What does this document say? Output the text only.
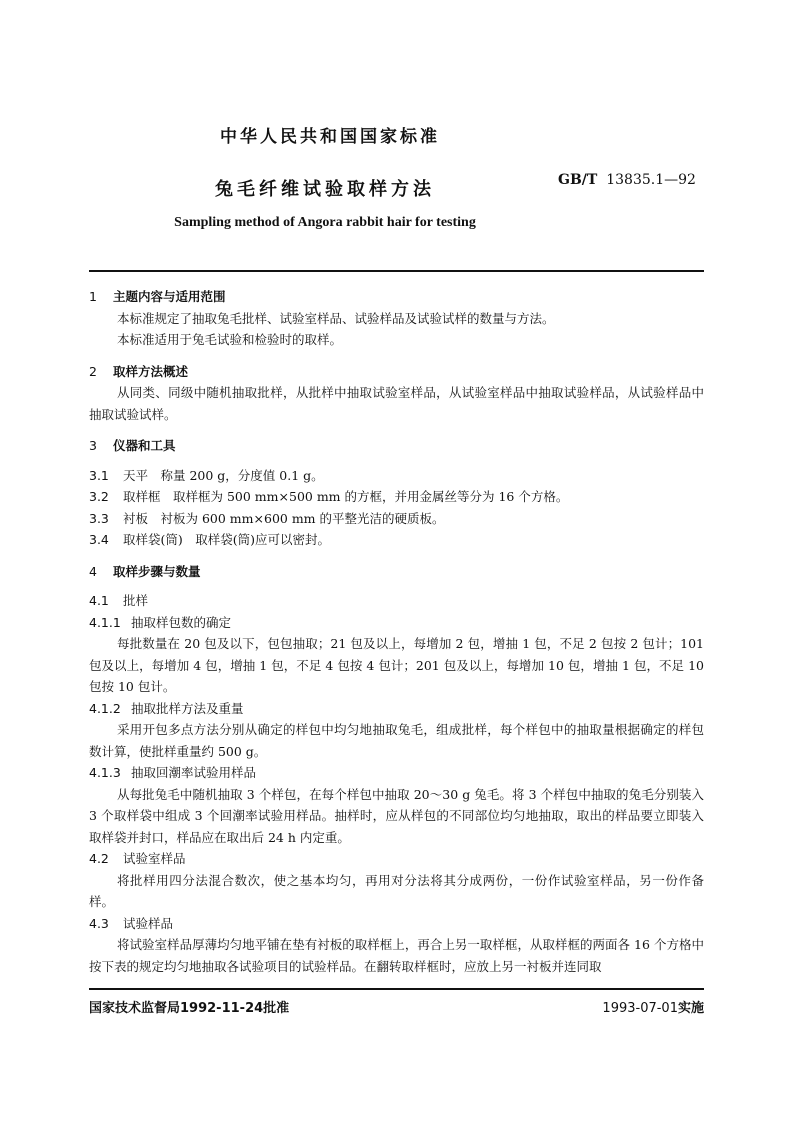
中华人民共和国国家标准
兔毛纤维试验取样方法	GB/T 13835.1—92
Sampling method of Angora rabbit hair for testing
1 主题内容与适用范围
本标准规定了抽取兔毛批样、试验室样品、试验样品及试验试样的数量与方法。
本标准适用于兔毛试验和检验时的取样。
2 取样方法概述
从同类、同级中随机抽取批样，从批样中抽取试验室样品，从试验室样品中抽取试验样品，从试验样品中抽取试验试样。
3 仪器和工具
3.1 天平　称量 200 g，分度值 0.1 g。
3.2 取样框　取样框为 500 mm×500 mm 的方框，并用金属丝等分为 16 个方格。
3.3 衬板　衬板为 600 mm×600 mm 的平整光洁的硬质板。
3.4 取样袋(筒)　取样袋(筒)应可以密封。
4 取样步骤与数量
4.1 批样
4.1.1 抽取样包数的确定
每批数量在 20 包及以下，包包抽取；21 包及以上，每增加 2 包，增抽 1 包，不足 2 包按 2 包计；101 包及以上，每增加 4 包，增抽 1 包，不足 4 包按 4 包计；201 包及以上，每增加 10 包，增抽 1 包，不足 10 包按 10 包计。
4.1.2 抽取批样方法及重量
采用开包多点方法分别从确定的样包中均匀地抽取兔毛，组成批样，每个样包中的抽取量根据确定的样包数计算，使批样重量约 500 g。
4.1.3 抽取回潮率试验用样品
从每批兔毛中随机抽取 3 个样包，在每个样包中抽取 20～30 g 兔毛。将 3 个样包中抽取的兔毛分别装入 3 个取样袋中组成 3 个回潮率试验用样品。抽样时，应从样包的不同部位均匀地抽取，取出的样品要立即装入取样袋并封口，样品应在取出后 24 h 内定重。
4.2 试验室样品
将批样用四分法混合数次，使之基本均匀，再用对分法将其分成两份，一份作试验室样品，另一份作备样。
4.3 试验样品
将试验室样品厚薄均匀地平铺在垫有衬板的取样框上，再合上另一取样框，从取样框的两面各 16 个方格中按下表的规定均匀地抽取各试验项目的试验样品。在翻转取样框时，应放上另一衬板并连同取
国家技术监督局1992-11-24批准	1993-07-01实施
